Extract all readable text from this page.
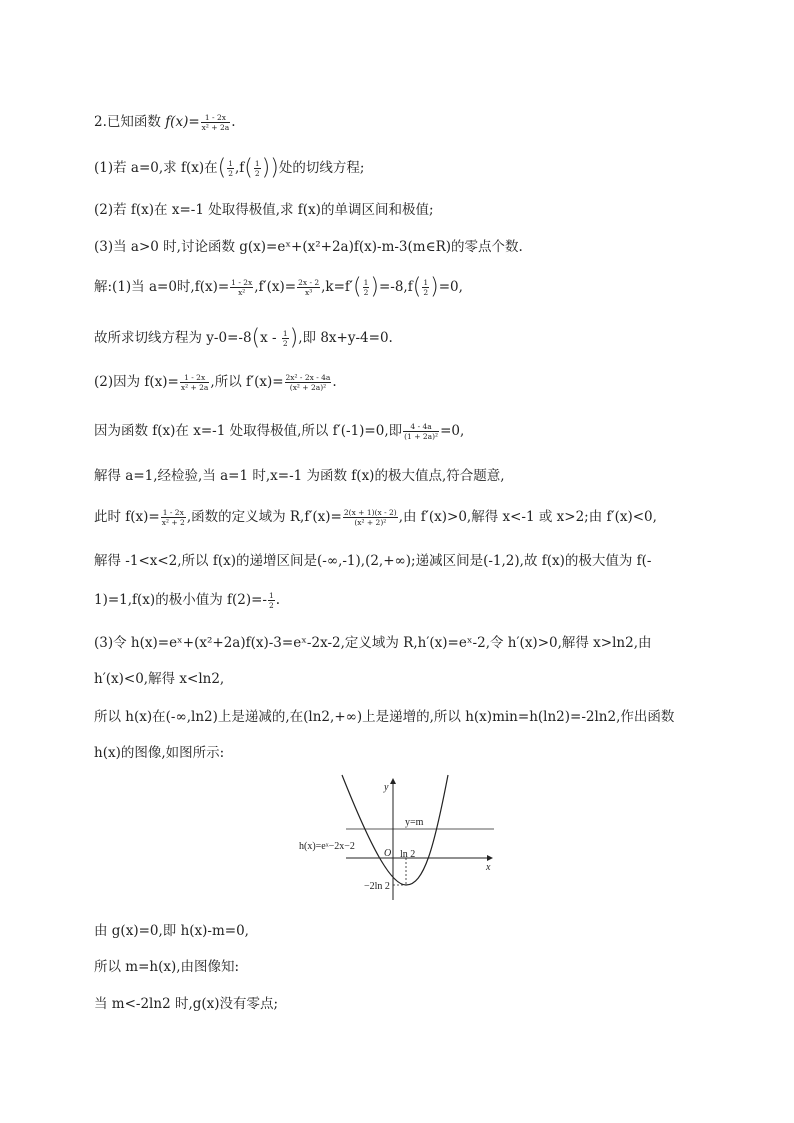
2.已知函数 $f(x)= \frac{1 - 2x}{\text{x² + 2a}}$ .
(1)若 a=0,求 f(x)在( $\frac{1}{2} ,f( \frac{1}{2}$ ))处的切线方程;
(2)若 f(x)在 x=-1 处取得极值,求 f(x)的单调区间和极值;
(3)当 a>0 时,讨论函数 g(x)=eˣ+(x²+2a)f(x)-m-3(m∈R)的零点个数.
解:(1)当 a=0时$,f(x)= \frac{1 - 2x}{\text{x²}} ,f'(x)= \frac{2x - 2}{\text{x³}} ,k=f'( \frac{1}{2} )=-8,f( \frac{1}{2} )=0$,
故所求切线方程为 $y-0=-8(x - \frac{1}{2}$ ),即 8x+y-4=0.
(2)因为 $f(x)= \frac{1 - 2x}{\text{x² + 2a}}$ ,所以 $f'(x)= \frac{\text{2x² - 2x - 4a}}{\text{(x² + 2a)²}}$ .
因为函数 f(x)在 x=-1 处取得极值,所以 f′(-1)=0,即 $\frac{4 - 4a}{\text{(1 + 2a)²}} =0$,
解得 a=1,经检验,当 a=1 时,x=-1 为函数 f(x)的极大值点,符合题意,
此时 $f(x)= \frac{1 - 2x}{\text{x² + 2}}$ ,函数的定义域为 $R,f'(x)= \frac{2(x + 1)(x - 2)}{\text{(x² + 2)²}}$ ,由 f′(x)>0,解得 x<-1 或 x>2;由 f′(x)<0,
解得 -1<x<2,所以 f(x)的递增区间是(-∞,-1),(2,+∞);递减区间是(-1,2),故 f(x)的极大值为 f(-
1)=1,f(x)的极小值为 $f(2)=- \frac{1}{2}$ .
(3)令 h(x)=eˣ+(x²+2a)f(x)-3=eˣ-2x-2,定义域为 R,h′(x)=eˣ-2,令 h′(x)>0,解得 x>ln2,由
h′(x)<0,解得 x<ln2,
所以 h(x)在(-∞,ln2)上是递减的,在(ln2,+∞)上是递增的,所以 h(x)min=h(ln2)=-2ln2,作出函数
h(x)的图像,如图所示:
y
x
y=m
h(x)=eˣ−2x−2
O ln 2
−2ln 2
由 g(x)=0,即 h(x)-m=0,
所以 m=h(x),由图像知:
当 m<-2ln2 时,g(x)没有零点;
